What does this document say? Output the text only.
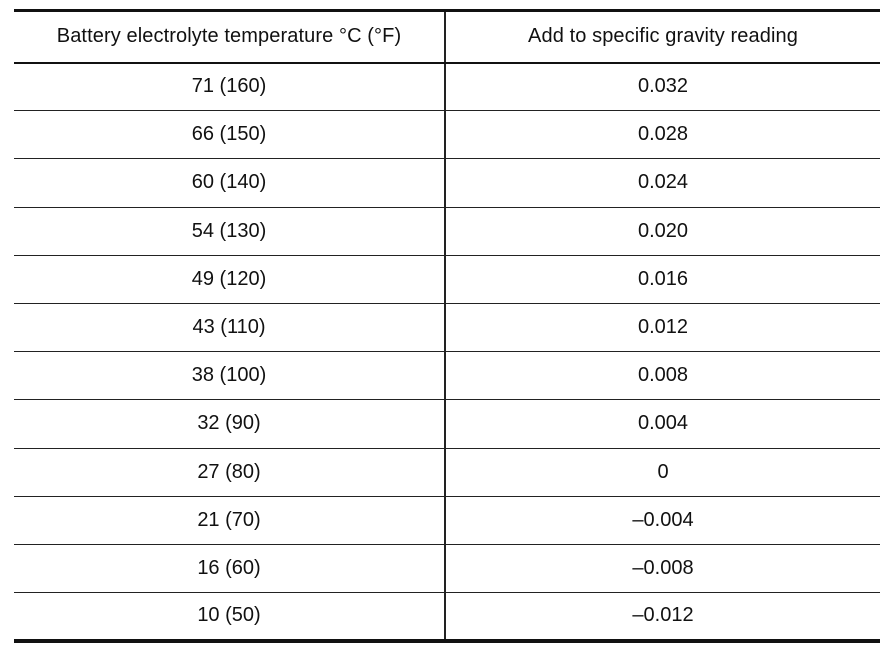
Battery electrolyte temperature °C (°F)	Add to specific gravity reading
71 (160)	0.032
66 (150)	0.028
60 (140)	0.024
54 (130)	0.020
49 (120)	0.016
43 (110)	0.012
38 (100)	0.008
32 (90)	0.004
27 (80)	0
21 (70)	–0.004
16 (60)	–0.008
10 (50)	–0.012
